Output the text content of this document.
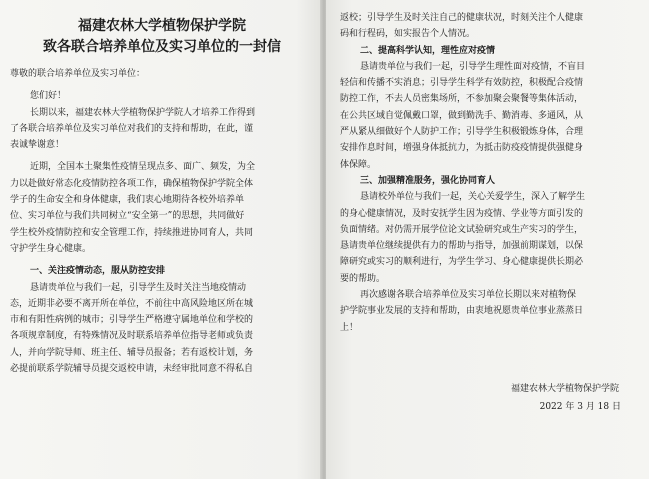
福建农林大学植物保护学院

致各联合培养单位及实习单位的一封信

尊敬的联合培养单位及实习单位：

您们好！

长期以来，福建农林大学植物保护学院人才培养工作得到

了各联合培养单位及实习单位对我们的支持和帮助，在此，谨

表诚挚谢意！

近期，全国本土聚集性疫情呈现点多、面广、频发，为全

力以赴做好常态化疫情防控各项工作，确保植物保护学院全体

学子的生命安全和身体健康，我们衷心地期待各校外培养单

位、实习单位与我们共同树立“安全第一”的思想，共同做好

学生校外疫情防控和安全管理工作，持续推进协同育人，共同

守护学生身心健康。

一、关注疫情动态，服从防控安排

恳请贵单位与我们一起，引导学生及时关注当地疫情动

态，近期非必要不离开所在单位，不前往中高风险地区所在城

市和有阳性病例的城市；引导学生严格遵守属地单位和学校的

各项规章制度，有特殊情况及时联系培养单位指导老师或负责

人，并向学院导师、班主任、辅导员报备；若有返校计划，务

必提前联系学院辅导员提交返校申请，未经审批同意不得私自

返校；引导学生及时关注自己的健康状况，时刻关注个人健康

码和行程码，如实报告个人情况。

二、提高科学认知，理性应对疫情

恳请贵单位与我们一起，引导学生理性面对疫情，不盲目

轻信和传播不实消息；引导学生科学有效防控，积极配合疫情

防控工作，不去人员密集场所，不参加聚会聚餐等集体活动，

在公共区域自觉佩戴口罩，做到勤洗手、勤消毒、多通风，从

严从紧从细做好个人防护工作；引导学生积极锻炼身体，合理

安排作息时间，增强身体抵抗力，为抵击防疫疫情提供强健身

体保障。

三、加强精准服务，强化协同育人

恳请校外单位与我们一起，关心关爱学生，深入了解学生

的身心健康情况，及时安抚学生因为疫情、学业等方面引发的

负面情绪。对仍需开展学位论文试验研究或生产实习的学生，

恳请贵单位继续提供有力的帮助与指导，加强前期谋划，以保

障研究或实习的顺利进行，为学生学习、身心健康提供长期必

要的帮助。

再次感谢各联合培养单位及实习单位长期以来对植物保

护学院事业发展的支持和帮助，由衷地祝愿贵单位事业蒸蒸日

上！

福建农林大学植物保护学院

2022 年 3 月 18 日
